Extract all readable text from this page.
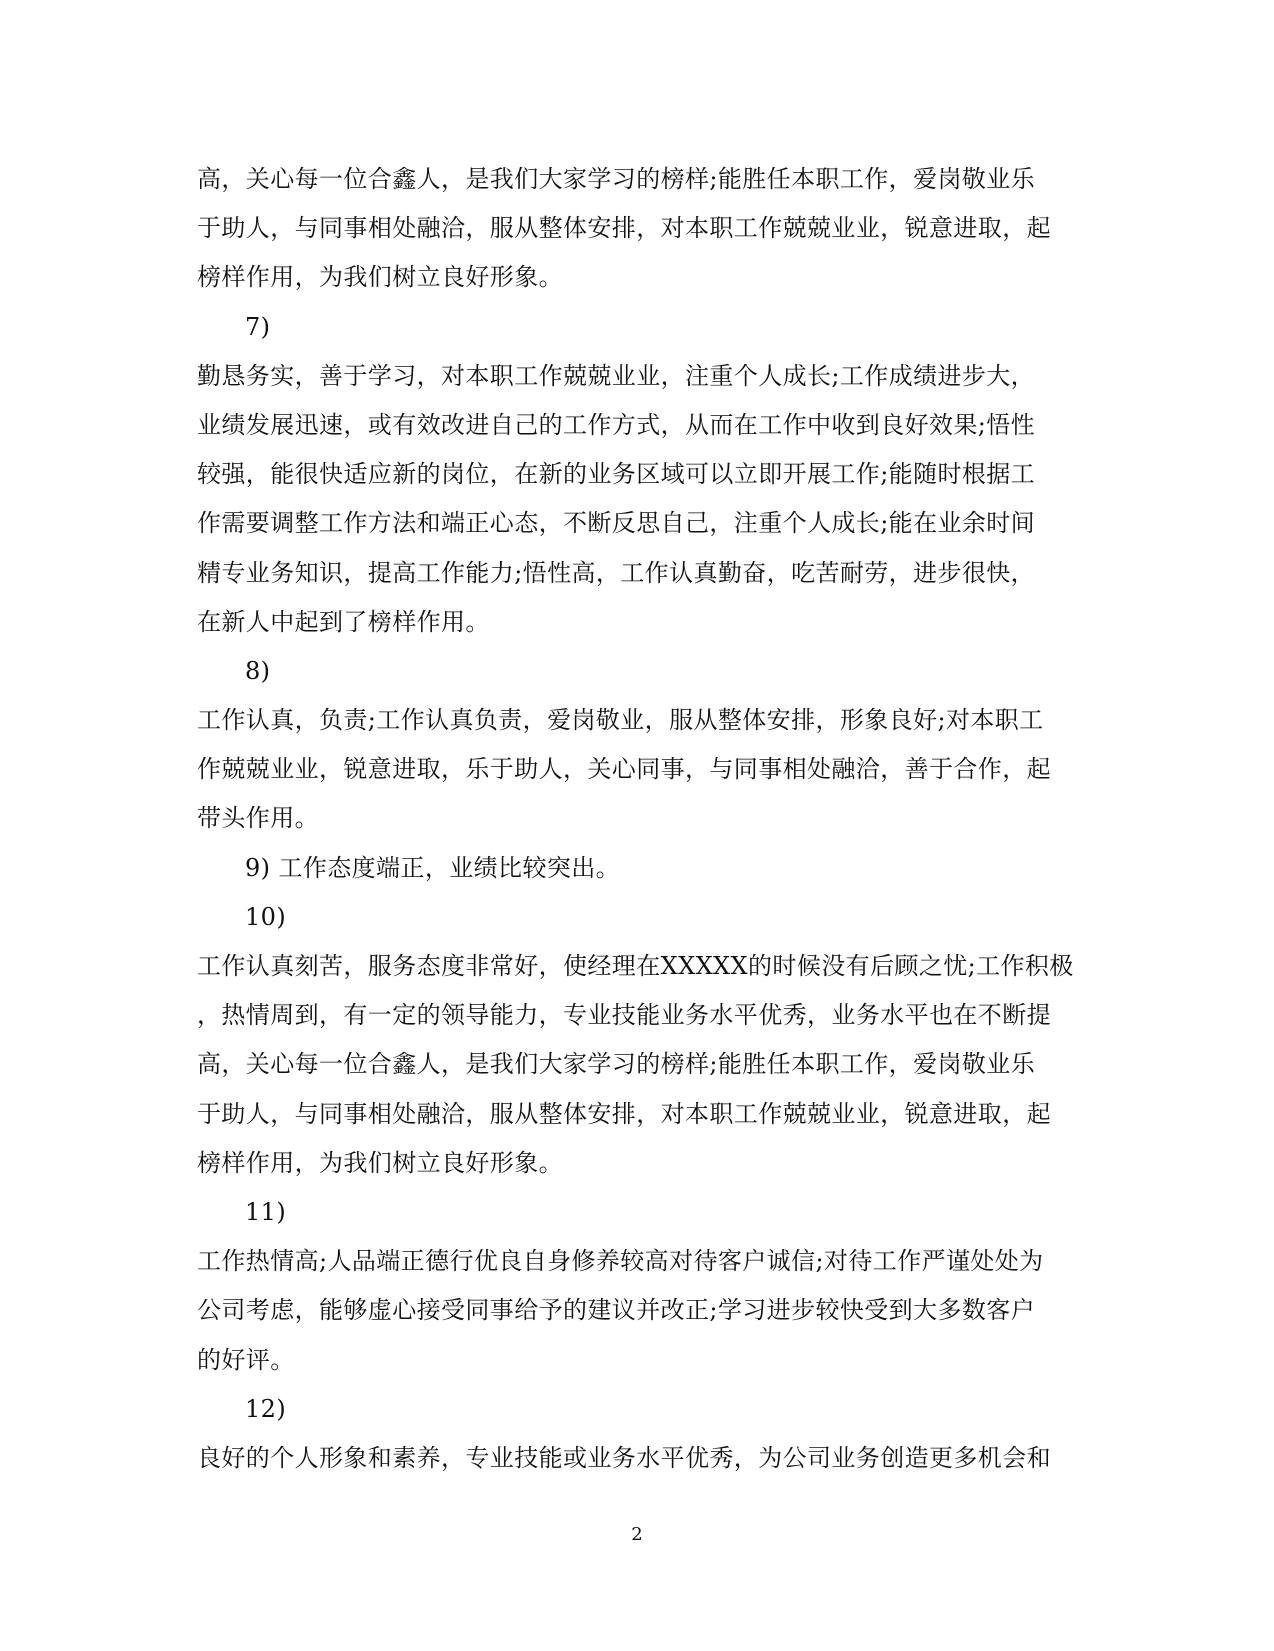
高，关心每一位合鑫人，是我们大家学习的榜样;能胜任本职工作，爱岗敬业乐
于助人，与同事相处融洽，服从整体安排，对本职工作兢兢业业，锐意进取，起
榜样作用，为我们树立良好形象。
7)
勤恳务实，善于学习，对本职工作兢兢业业，注重个人成长;工作成绩进步大，
业绩发展迅速，或有效改进自己的工作方式，从而在工作中收到良好效果;悟性
较强，能很快适应新的岗位，在新的业务区域可以立即开展工作;能随时根据工
作需要调整工作方法和端正心态，不断反思自己，注重个人成长;能在业余时间
精专业务知识，提高工作能力;悟性高，工作认真勤奋，吃苦耐劳，进步很快，
在新人中起到了榜样作用。
8)
工作认真，负责;工作认真负责，爱岗敬业，服从整体安排，形象良好;对本职工
作兢兢业业，锐意进取，乐于助人，关心同事，与同事相处融洽，善于合作，起
带头作用。
9) 工作态度端正，业绩比较突出。
10)
工作认真刻苦，服务态度非常好，使经理在XXXXX的时候没有后顾之忧;工作积极
，热情周到，有一定的领导能力，专业技能业务水平优秀，业务水平也在不断提
高，关心每一位合鑫人，是我们大家学习的榜样;能胜任本职工作，爱岗敬业乐
于助人，与同事相处融洽，服从整体安排，对本职工作兢兢业业，锐意进取，起
榜样作用，为我们树立良好形象。
11)
工作热情高;人品端正德行优良自身修养较高对待客户诚信;对待工作严谨处处为
公司考虑，能够虚心接受同事给予的建议并改正;学习进步较快受到大多数客户
的好评。
12)
良好的个人形象和素养，专业技能或业务水平优秀，为公司业务创造更多机会和
2
